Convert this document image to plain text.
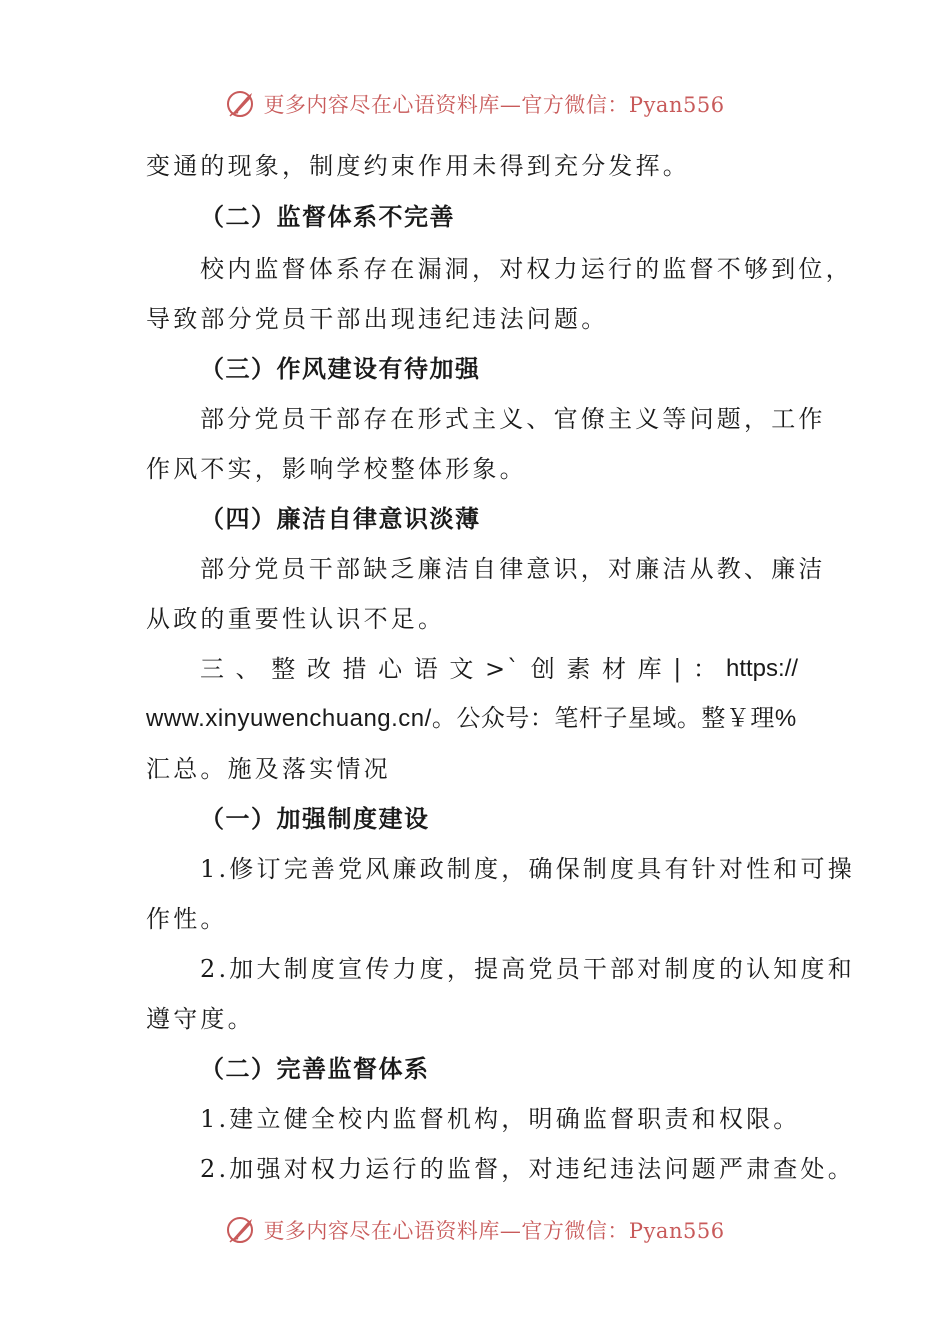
更多内容尽在心语资料库—官方微信：Pyan556
变通的现象，制度约束作用未得到充分发挥。
（二）监督体系不完善
校内监督体系存在漏洞，对权力运行的监督不够到位，
导致部分党员干部出现违纪违法问题。
（三）作风建设有待加强
部分党员干部存在形式主义、官僚主义等问题，工作
作风不实，影响学校整体形象。
（四）廉洁自律意识淡薄
部分党员干部缺乏廉洁自律意识，对廉洁从教、廉洁
从政的重要性认识不足。
三 、 整 改 措 心 语 文 >` 创 素 材 库 | ： https://
www.xinyuwenchuang.cn/。公众号：笔杆子星域。整￥理%
汇总。施及落实情况
（一）加强制度建设
1.修订完善党风廉政制度，确保制度具有针对性和可操
作性。
2.加大制度宣传力度，提高党员干部对制度的认知度和
遵守度。
（二）完善监督体系
1.建立健全校内监督机构，明确监督职责和权限。
2.加强对权力运行的监督，对违纪违法问题严肃查处。
更多内容尽在心语资料库—官方微信：Pyan556
